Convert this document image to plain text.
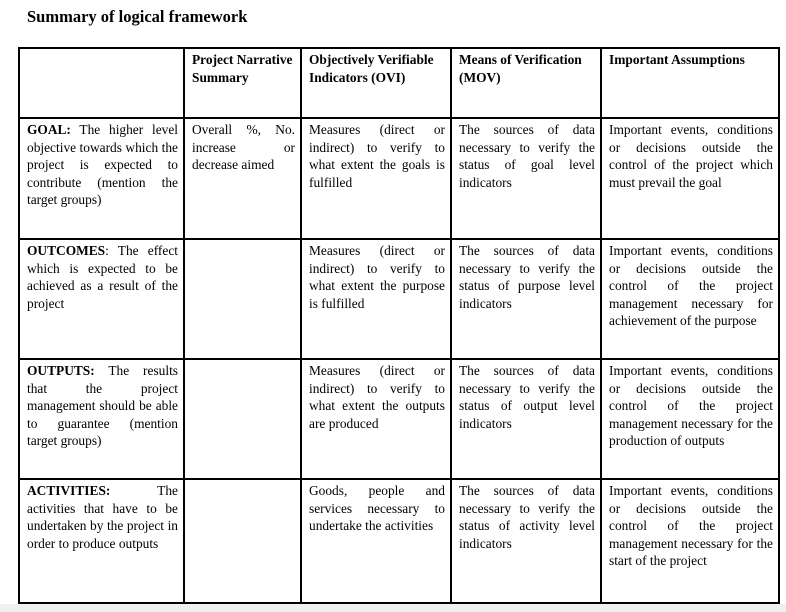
Summary of logical framework
	Project Narrative Summary	Objectively Verifiable Indicators (OVI)	Means of Verification (MOV)	Important Assumptions
GOAL: The higher level objective towards which the project is expected to contribute (mention the target groups)	Overall %, No. increase or decrease aimed	Measures (direct or indirect) to verify to what extent the goals is fulfilled	The sources of data necessary to verify the status of goal level indicators	Important events, conditions or decisions outside the control of the project which must prevail the goal
OUTCOMES: The effect which is expected to be achieved as a result of the project		Measures (direct or indirect) to verify to what extent the purpose is fulfilled	The sources of data necessary to verify the status of purpose level indicators	Important events, conditions or decisions outside the control of the project management necessary for achievement of the purpose
OUTPUTS: The results that the project management should be able to guarantee (mention target groups)		Measures (direct or indirect) to verify to what extent the outputs are produced	The sources of data necessary to verify the status of output level indicators	Important events, conditions or decisions outside the control of the project management necessary for the production of outputs
ACTIVITIES: The activities that have to be undertaken by the project in order to produce outputs		Goods, people and services necessary to undertake the activities	The sources of data necessary to verify the status of activity level indicators	Important events, conditions or decisions outside the control of the project management necessary for the start of the project
